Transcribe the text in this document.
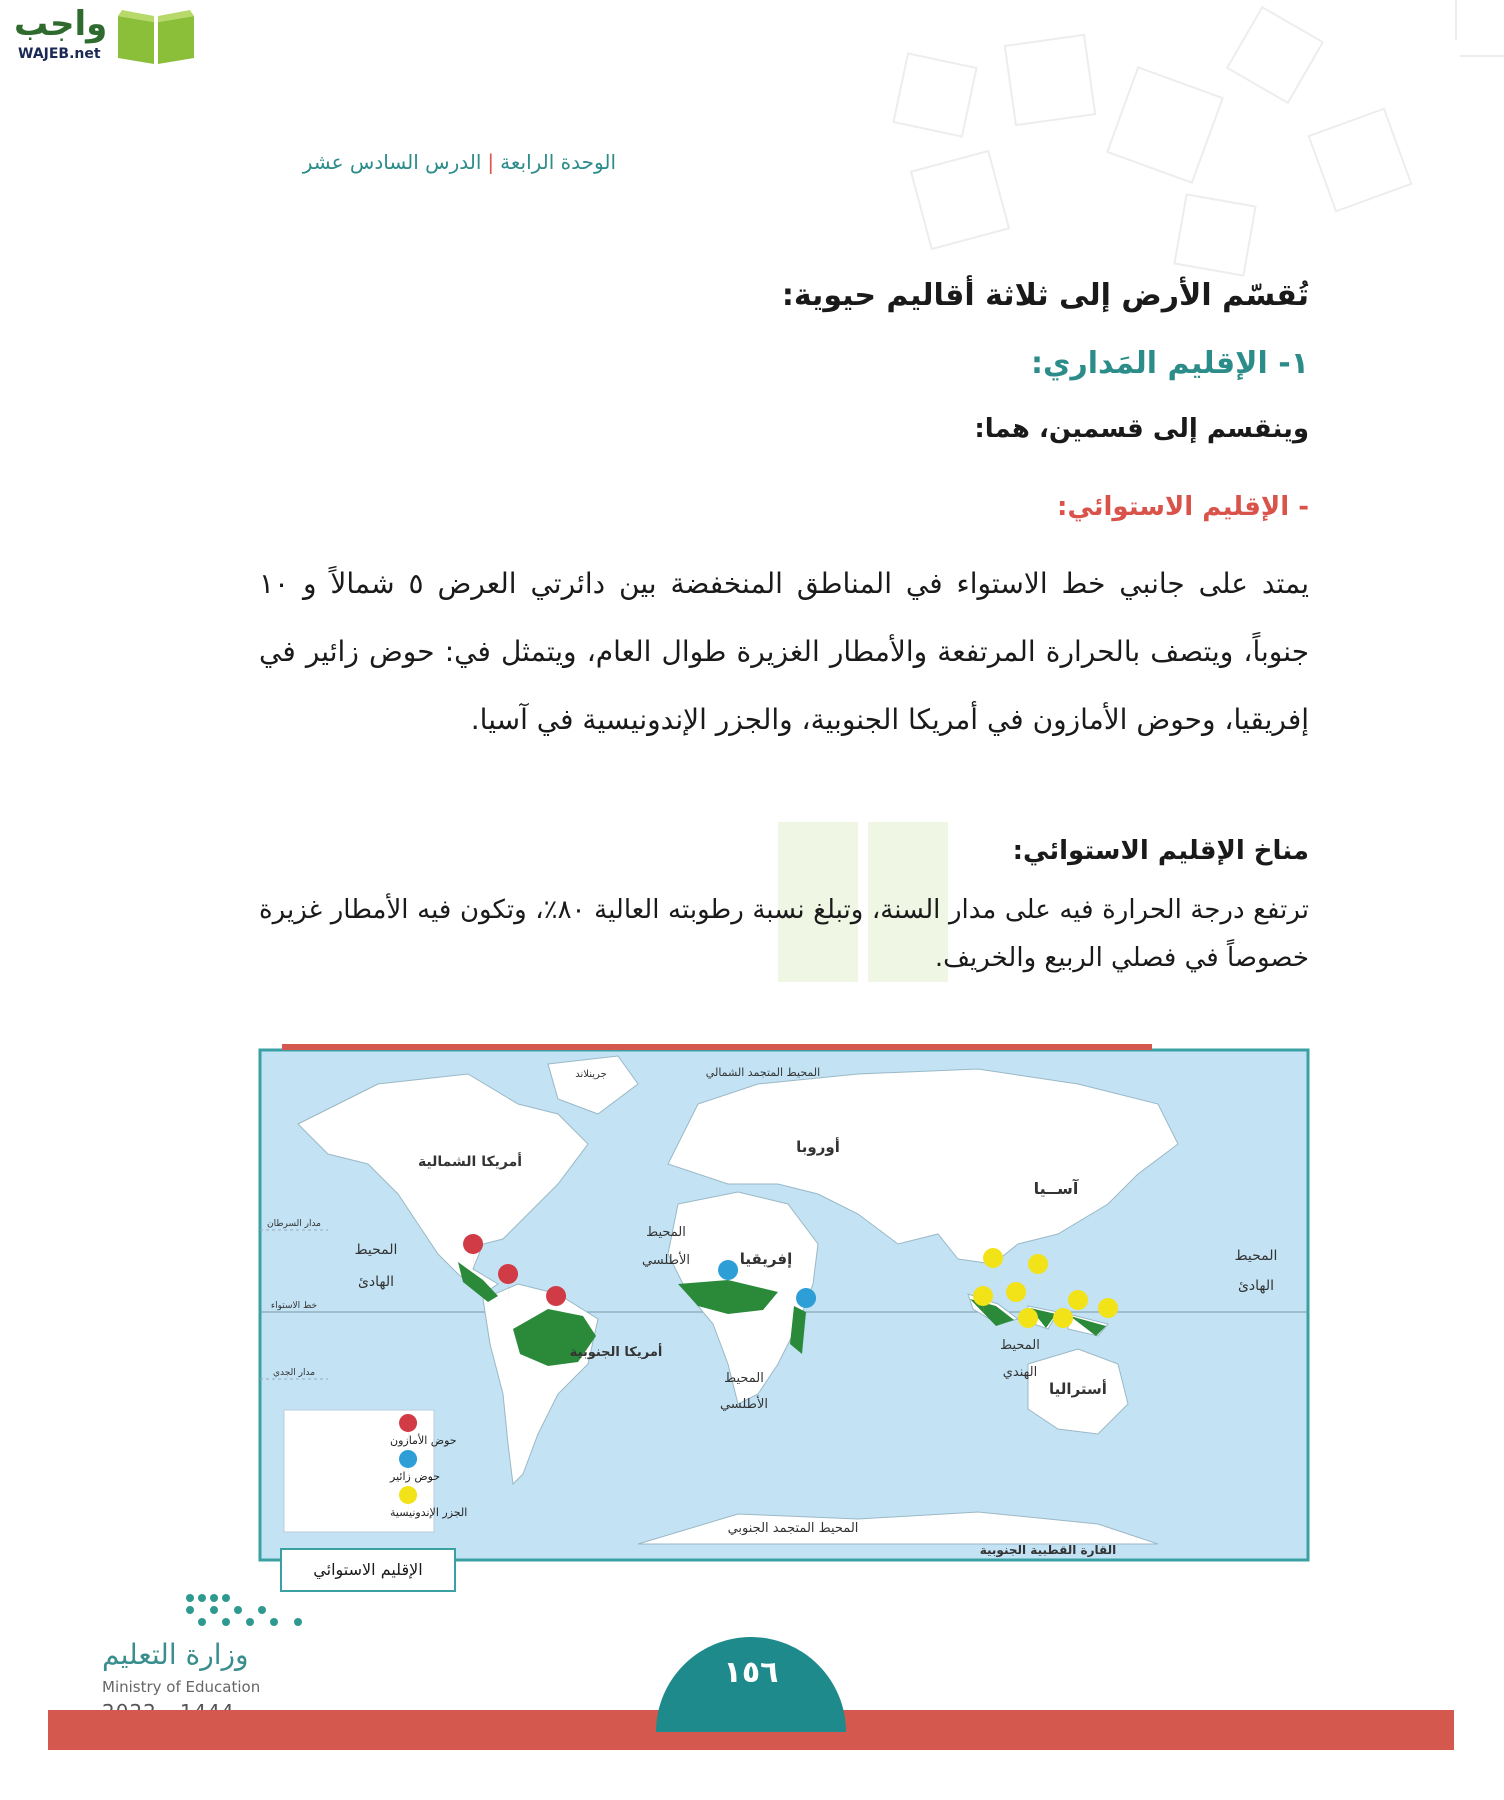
واجب
WAJEB.net
الوحدة الرابعة|الدرس السادس عشر
تُقسّم الأرض إلى ثلاثة أقاليم حيوية:
١- الإقليم المَداري:
وينقسم إلى قسمين، هما:
- الإقليم الاستوائي:
يمتد على جانبي خط الاستواء في المناطق المنخفضة بين دائرتي العرض ٥ شمالاً و ١٠ جنوباً، ويتصف بالحرارة المرتفعة والأمطار الغزيرة طوال العام، ويتمثل في: حوض زائير في إفريقيا، وحوض الأمازون في أمريكا الجنوبية، والجزر الإندونيسية في آسيا.
مناخ الإقليم الاستوائي:
ترتفع درجة الحرارة فيه على مدار السنة، وتبلغ نسبة رطوبته العالية ٨٠٪، وتكون فيه الأمطار غزيرة خصوصاً في فصلي الربيع والخريف.
جرينلاند	المحيط المتجمد الشمالي
أوروبا
أمريكا الشمالية
آســيا
إفريقيا
أمريكا الجنوبية
أستراليا
المحيط
الهادئ
المحيط
الهادئ
المحيط
الأطلسي
المحيط
الأطلسي
المحيط
الهندي
المحيط المتجمد الجنوبي
القارة القطبية الجنوبية
مدار السرطان
خط الاستواء
مدار الجدي
حوض الأمازون
حوض زائير
الجزر الإندونيسية
الإقليم الاستوائي
وزارة التعليم
Ministry of Education	١٥٦
